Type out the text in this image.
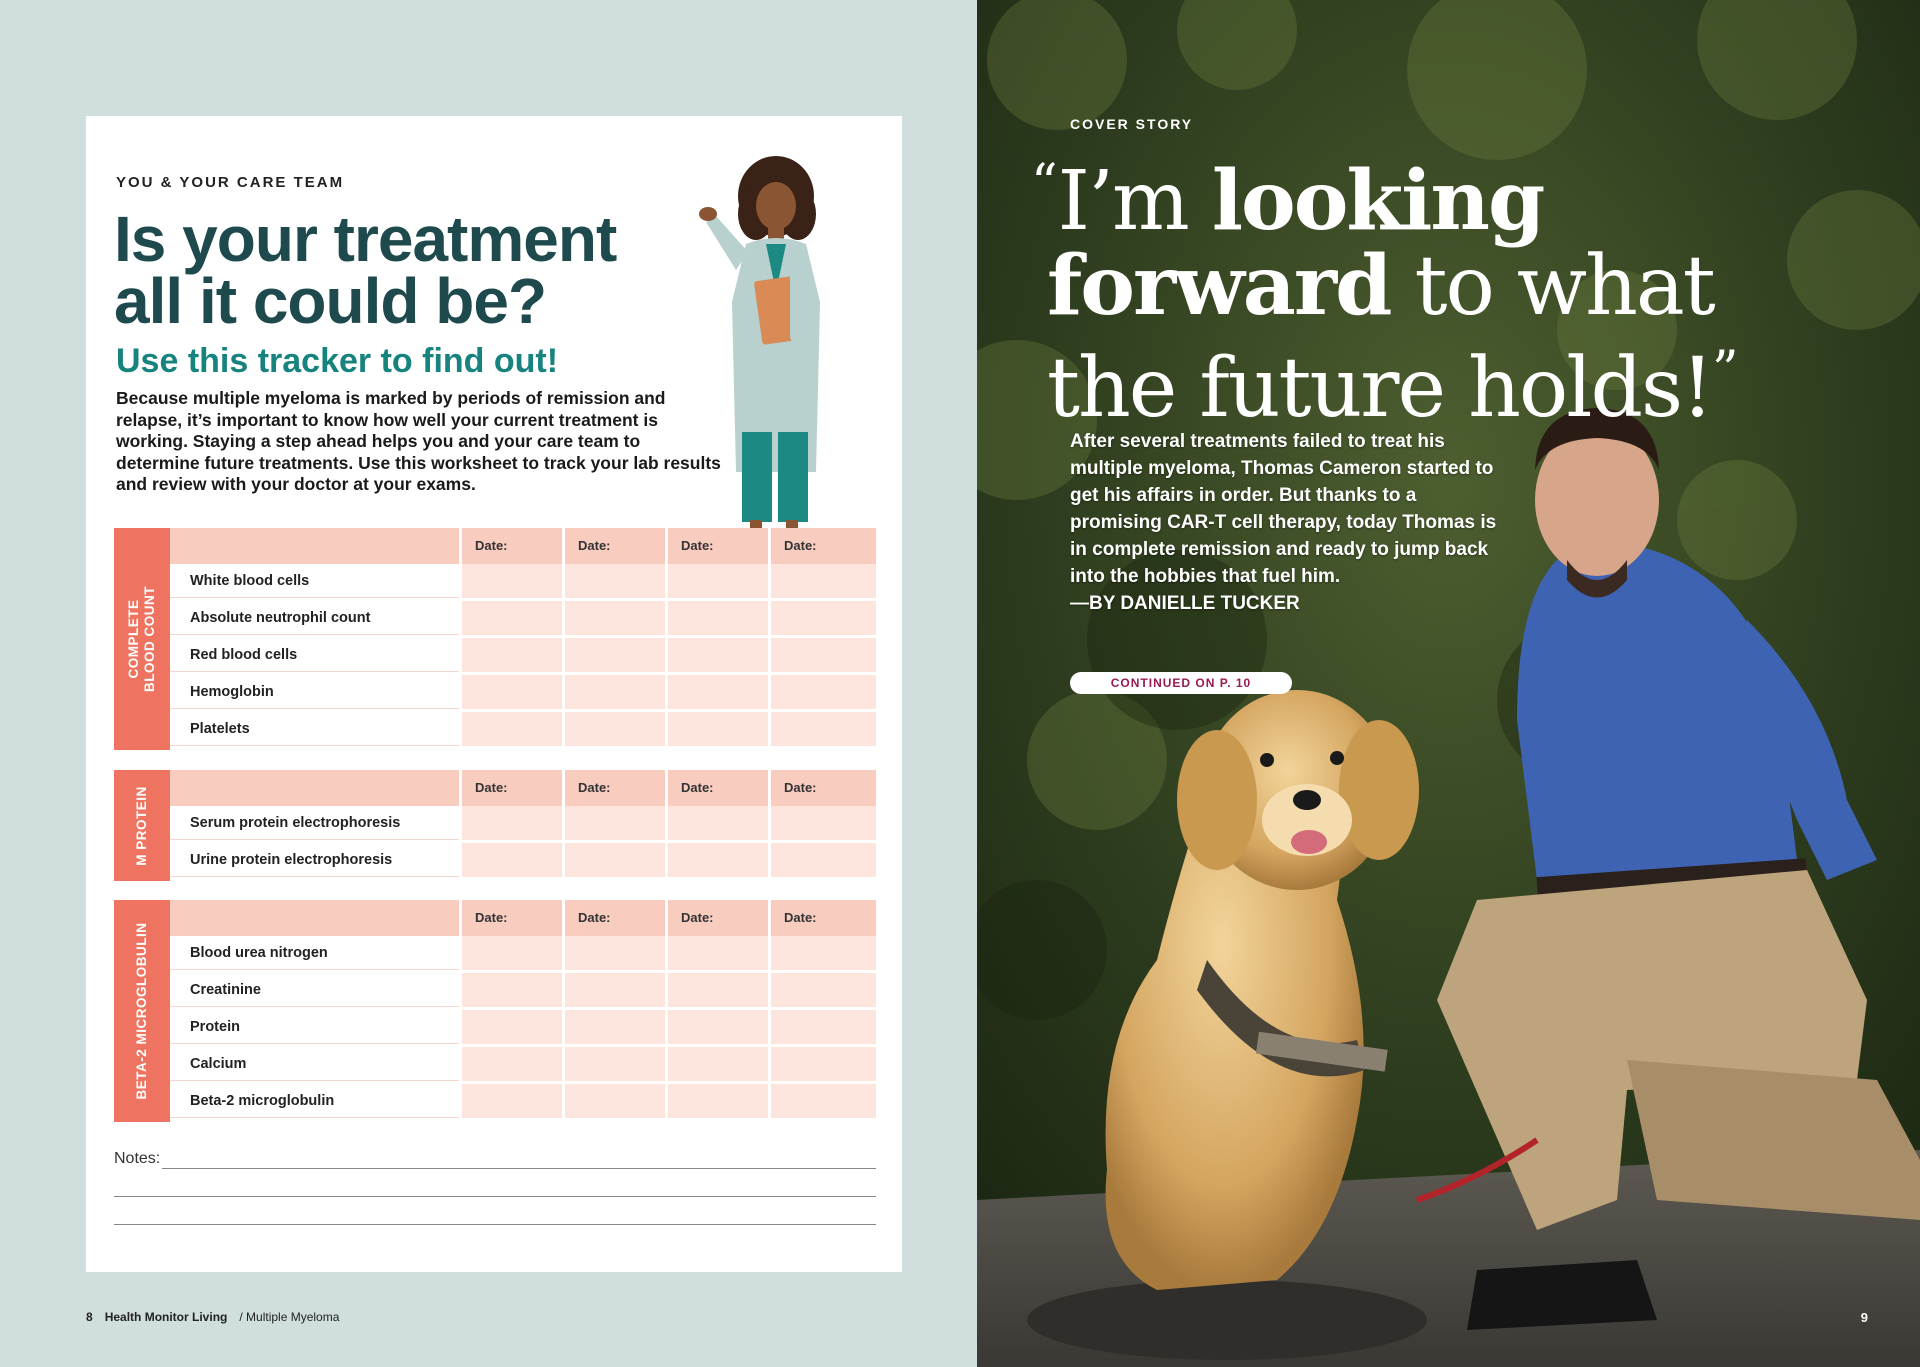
YOU & YOUR CARE TEAM
Is your treatment
all it could be?
Use this tracker to find out!
Because multiple myeloma is marked by periods of remission and relapse, it’s important to know how well your current treatment is working. Staying a step ahead helps you and your care team to determine future treatments. Use this worksheet to track your lab results and review with your doctor at your exams.
COMPLETE BLOOD COUNT
Date:	Date:	Date:	Date:
White blood cells
Absolute neutrophil count
Red blood cells
Hemoglobin
Platelets
M PROTEIN	Date:	Date:	Date:	Date:
Serum protein electrophoresis
Urine protein electrophoresis
BETA-2 MICROGLOBULIN
Date:	Date:	Date:	Date:
Blood urea nitrogen
Creatinine
Protein
Calcium
Beta-2 microglobulin
Notes:
8 Health Monitor Living / Multiple Myeloma
COVER STORY
“I’m looking
forward to what
the future holds!”
After several treatments failed to treat his multiple myeloma, Thomas Cameron started to get his affairs in order. But thanks to a promising CAR-T cell therapy, today Thomas is in complete remission and ready to jump back into the hobbies that fuel him.
—BY DANIELLE TUCKER
CONTINUED ON P. 10
9
